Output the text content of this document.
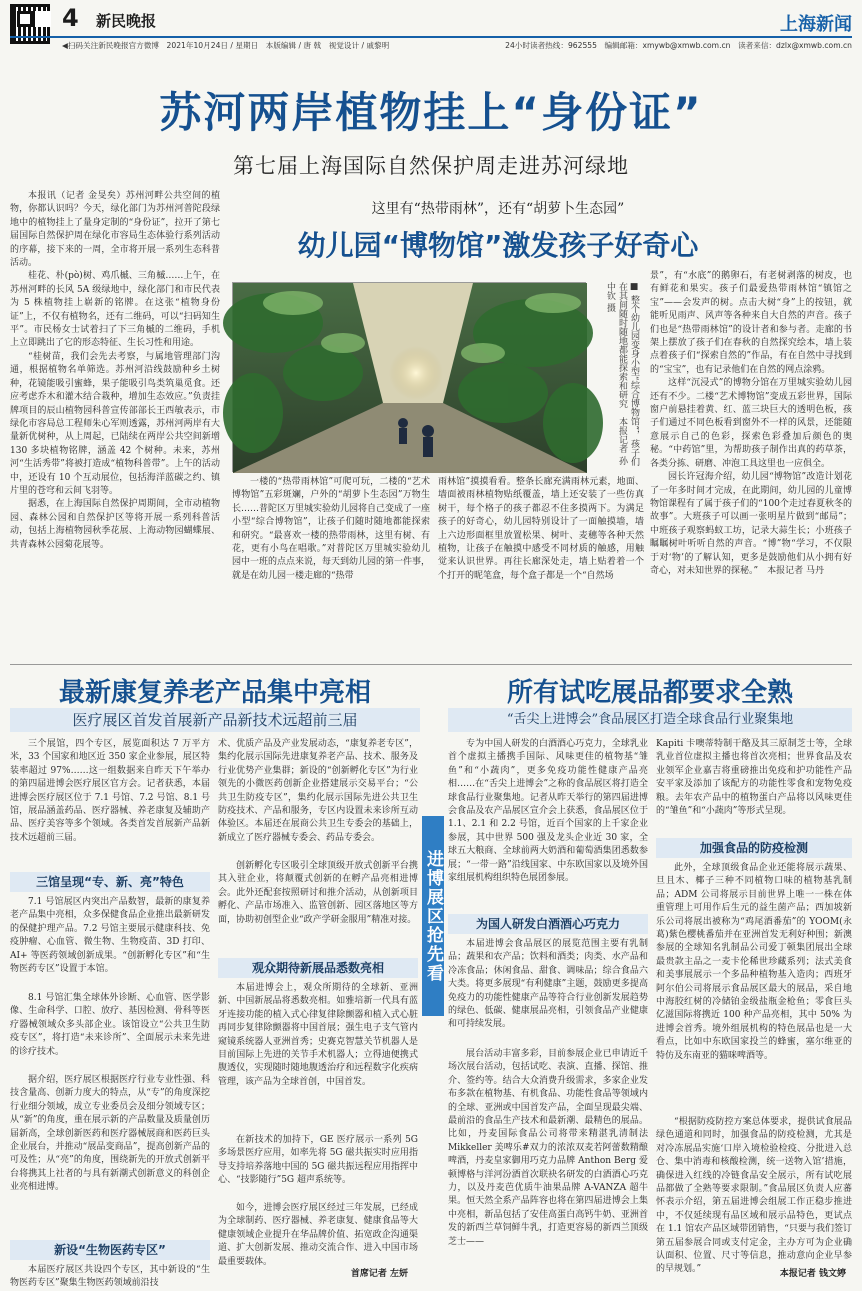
4 新民晚报	上海新闻
◀扫码关注新民晚报官方微博　2021年10月24日 / 星期日　本版编辑 / 唐 戟　视觉设计 / 戚黎明	24小时读者热线：962555　编辑邮箱：xmywb@xmwb.com.cn　读者来信：dzlx@xmwb.com.cn
苏河两岸植物挂上“身份证”
第七届上海国际自然保护周走进苏河绿地

本报讯（记者 金旻矣）苏州河畔公共空间的植物，你都认识吗？今天，绿化部门为苏州河普陀段绿地中的植物挂上了量身定制的“身份证”，拉开了第七届国际自然保护周在绿化市容局生态体验行系列活动的序幕，接下来的一周，全市将开展一系列生态科普活动。

桂花、朴(pò)树、鸡爪槭、三角槭……上午，在苏州河畔的长风 5A 级绿地中，绿化部门和市民代表为 5 株植物挂上崭新的铭牌。在这张“植物身份证”上，不仅有植物名，还有二维码，可以“扫码知生平”。市民杨女士试着扫了下三角槭的二维码，手机上立即跳出了它的形态特征、生长习性和用途。

“桂树苗，我们会先去考察，与属地管理部门沟通，根据植物名单筛选。苏州河沿线鼓励种乡土树种，花镜能吸引蜜蜂，果子能吸引鸟类筑巢觅食。还应考虑乔木和灌木结合栽种，增加生态效应。”负责挂牌项目的辰山植物园科普宣传部部长王西敏表示，市绿化市容局总工程师朱心军则透露，苏州河两岸有大量新优树种，从上周起，已陆续在两岸公共空间新增 130 多块植物铭牌，涵盖 42 个树种。未来，苏州河“生活秀带”将被打造成“植物科普带”。上午的活动中，还设有 10 个互动展位，包括海洋蓝碳之约、镇片里的苍穹和云间飞羽等。

据悉，在上海国际自然保护周期间，全市动植物园、森林公园和自然保护区等将开展一系列科普活动，包括上海植物园秋季花展、上海动物园蝴蝶展、共青森林公园菊花展等。

这里有“热带雨林”，还有“胡萝卜生态园”
幼儿园“博物馆”激发孩子好奇心
■ 整个幼儿园变身小型“综合博物馆”，孩子们在其间随时随地都能探索和研究　本报记者 孙中钦 摄
一楼的“热带雨林馆”可爬可玩，二楼的“艺术博物馆”五彩斑斓，户外的“胡萝卜生态园”万物生长……普陀区万里城实验幼儿园将自己变成了一座小型“综合博物馆”，让孩子们随时随地都能探索和研究。“最喜欢一楼的热带雨林，这里有树、有花，更有小鸟在唱歌。”对普陀区万里城实验幼儿园中一班的点点来说，每天到幼儿园的第一件事，就是在幼儿园一楼走廊的“热带
雨林馆”摸摸看看。整条长廊充满雨林元素，地面、墙面被雨林植物贴纸覆盖，墙上还安装了一些仿真树干，每个格子的孩子都忍不住多摸两下。为满足孩子的好奇心，幼儿园特别设计了一面触摸墙，墙上六边形面框里放置松果、树叶、麦穗等各种天然植物，让孩子在触摸中感受不同材质的触感，用触觉来认识世界。再往长廊深处走，墙上贴着着一个个打开的昵笔盒，每个盒子都是一个“自然场

景”，有“水底”的鹅卵石，有老树剥落的树皮，也有鲜花和果实。孩子们最爱热带雨林馆“镇馆之宝”——会发声的树。点击大树“身”上的按钮，就能听见雨声、风声等各种来自大自然的声音。孩子们也是“热带雨林馆”的设计者和参与者。走廊的书架上摆放了孩子们在春秋的自然探究绘本，墙上装点着孩子们“探索自然的”作品，有在自然中寻找到的“宝宝”，也有记录他们在自然的网点涂鸦。

这样“沉浸式”的博物分馆在万里城实验幼儿园还有不少。二楼“艺术博物馆”变成五彩世界，国际窗户前悬挂着黄、红、蓝三块巨大的透明色板，孩子们通过不同色板看到窗外不一样的风景，还能随意展示自己的色彩，探索色彩叠加后颜色的奥秘。“中药馆”里，为帮助孩子制作出真的药草茶，各类分拣、研磨、冲泡工具这里也一应俱全。

园长许冠海介绍，幼儿园“博物馆”改造计划花了一年多时间才完成，在此期间，幼儿园的儿童博物馆课程有了属于孩子们的“100个走过春夏秋冬的故事”。大班孩子可以画一张明星片做到“邮局”；中班孩子观察蚂蚁工坊，记录大蒜生长；小班孩子瞩瞩树叶听听自然的声音。“博”物“学习，不仅限于对‘物’的了解认知，更多是鼓励他们从小拥有好奇心，对未知世界的探秘。”　本报记者 马丹

最新康复养老产品集中亮相
医疗展区首发首展新产品新技术远超前三届
三个展馆，四个专区，展览面积达 7 万平方米，33 个国家和地区近 350 家企业参展，展区特装率超过 97%……这一组数据来自昨天下午举办的第四届进博会医疗展区官方会。记者获悉，本届进博会医疗展区位于 7.1 号馆、7.2 号馆、8.1 号馆，展品涵盖药品、医疗器械、养老康复及辅助产品、医疗美容等多个领域。各类首发首展新产品新技术远超前三届。
三馆呈现“专、新、亮”特色
7.1 号馆展区内突出产品数智，最新的康复养老产品集中亮相，众多保健食品企业推出最新研发的保健护理产品。7.2 号馆主要展示健康科技、免疫肿瘤、心血管、微生物、生物疫苗、3D 打印、AI+ 等医药领域创新成果。“创新孵化专区”和“生物医药专区”设置于本馆。
8.1 号馆汇集全球体外诊断、心血管、医学影像、生命科学、口腔、放疗、基因检测、骨科等医疗器械领域众多头部企业。该馆设立“公共卫生防疫专区”，将打造“未来诊所”、全面展示未来先进的诊疗技术。
据介绍，医疗展区根据医疗行业专业性强、科技含量高、创新力度大的特点，从“专”的角度深挖行业细分领域，成立专业委员会及细分领域专区；从“新”的角度，重在展示新的产品数量及质量创历届新高，全球创新医药和医疗器械展商和医药巨头企业展台，并推动“展品变商品”，提高创新产品的可及性；从“亮”的角度，围绕新先的开放式创新平台将携其上社者的与具有新潮式创新意义的科创企业亮相进博。
新设“生物医药专区”
本届医疗展区共设四个专区，其中新设的“生物医药专区”聚集生物医药领域前沿技
术、优质产品及产业发展动态，“康复养老专区”，集约化展示国际先进康复养老产品、技术、服务及行业优势产业集群；新设的“创新孵化专区”为行业领先的小微医药创新企业搭建展示交易平台；“公共卫生防疫专区”，集约化展示国际先进公共卫生防疫技术、产品和服务，专区内设置未来诊所互动体验区。本届还在展商公共卫生专委会的基础上，新成立了医疗器械专委会、药品专委会。
创新孵化专区吸引全球顶级开放式创新平台携其入驻企业，将颠覆式创新的在孵产品亮相进博会。此外还配套按照研讨和推介活动，从创新项目孵化、产品市场准入、监管创新、园区落地区等方面，协助初创型企业“政产学研金服用”精准对接。
观众期待新展品悉数亮相
本届进博会上，观众所期待的全球新、亚洲新、中国新展品将悉数亮相。如雅培新一代具有蓝牙连接功能的植入式心律复律除颤器和植入式心脏再同步复律除颤器将中国首展；强生电子支气管内窥镜系统器人亚洲首秀；史赛克智慧关节机器人是目前国际上先进的关节手术机器人；立得迪便携式腹透仪，实现随时随地腹透治疗和远程数字化疾病管理，该产品为全球首创，中国首发。
在新技术的加持下，GE 医疗展示一系列 5G 多场景医疗应用，如率先将 5G 磁共振实时应用指导支持培养落地中国的 5G 磁共振远程应用指挥中心、“技影随行”5G 超声系统等。
如今，进博会医疗展区经过三年发展，已经成为全球制药、医疗器械、养老康复、健康食品等大健康领域企业提升在华品牌价值、拓宽政企沟通渠道、扩大创新发展、推动交流合作、进入中国市场最重要载体。
首席记者 左妍
进博展区抢先看
所有试吃展品都要求全熟
“舌尖上进博会”食品展区打造全球食品行业聚集地
专为中国人研发的白酒酒心巧克力，全球乳业首个虚拟主播携手国际、风味更佳的植物基“雏鱼”和“小蔬肉”，更多免疫功能性健康产品亮相……在“舌尖上进博会”之称的食品展区将打造全球食品行业聚集地。记者从昨天举行的第四届进博会食品及农产品展区宣介会上获悉，食品展区位于 1.1、2.1 和 2.2 号馆，近百个国家的上千家企业参展，其中世界 500 强及龙头企业近 30 家，全球五大粮商、全球前两大奶酒和葡萄酒集团悉数参展；“一带一路”沿线国家、中东欧国家以及境外国家组展机构组织特色展团参展。
为国人研发白酒酒心巧克力
本届进博会食品展区的展览范围主要有乳制品；蔬果和农产品；饮料和酒类；肉类、水产品和冷冻食品；休闲食品、甜食、调味品；综合食品六大类。将更多展现“有利健康”主题，鼓励更多提高免疫力的功能性健康产品等符合行业创新发展趋势的绿色、低碳、健康展品亮相，引领食品产业健康和可持续发展。
展台活动丰富多彩，目前参展企业已申请近千场次展台活动，包括试吃、表演、直播、探馆、推介、签约等。结合大众消费升级需求，多家企业发布多款在植物基、有机食品、功能性食品等领域内的全球、亚洲或中国首发产品，全面呈现最尖端、最前沿的食品生产技术和最新潮、最精色的展品。比如，丹麦国际食品公司将带来精湛乳清制法 Mikkeller 美啤乐#双力的浓浓双麦若阿蕾数精酿啤酒，丹麦皇家御用巧克力品牌 Anthon Berg 爱顿博格与洋河汾酒首次联袂名研发的白酒酒心巧克力，以及丹麦芭优质牛油果品牌 A-VANZA 超牛果。恒天然全系产品阵容也将在第四届进博会上集中亮相，新品包括了安佳高蛋白高钙牛奶、亚洲首发的新西兰草饲鲜牛乳，打造更容易的新西兰顶级芝士——
Kapiti 卡噢蒂特制干酪及其三原制芝士等，全球乳业首位虚拟主播也将首次亮相；世界食品及农业领军企业嘉吉将重磅推出免疫和护功能性产品安平家及添加了该配方的功能性零食和宠物免疫粮。去年农产品中的植物蛋白产品将以风味更佳的“雏鱼”和“小蔬肉”等形式呈现。
加强食品的防疫检测
此外，全球顶级食品企业还能将展示蔬果、旦且木、椰子三种不同植物口味的植物基乳制品；ADM 公司将展示目前世界上唯一一株在体重管理上可用作后生元的益生菌产品；西加坡新乐公司将展出被称为“鸡尾酒番茄”的 YOOM(永葛)紫色樱桃番茄并在亚洲首发无利好种围；新澳参展的全球知名乳制品公司爱丁顿集团展出全球最贵款主品之一麦卡伦稀世珍藏系列；法式美食和美事展展示一个多品种植物基入造肉；西班牙阿尔伯公司将展示食品展区最大的展品，采自地中海胶红树的冷储铂金级盐瓶金枪鱼；零食巨头亿滋国际将携近 100 种产品亮相，其中 50% 为进博会首秀。境外组展机构的特色展品也是一大看点，比如中东欧国家投兰的蜂蜜，塞尔维亚的特仿及东南亚的猫咪啤酒等。
“根据防疫防控方案总体要求，提供试食展品绿色通道和同时，加强食品的防疫检测，尤其是对冷冻展品实施‘口岸入境检验检疫、分批进入总仓、集中消毒和核酸检测，统一送物入馆’措施，确保进入红线的冷链食品安全展示，所有试吃展品都做了全熟等要求限制。”食品展区负责人应蕃怀表示介绍，第五届进博会组展工作正稳步推进中，不仅延续现有品区域和展示品特色，更试点在 1.1 馆农产品区域带团销售，“只要与我们签订第五届参展合同或支付定金，主办方可为企业确认面积、位置、尺寸等信息，推动意向企业早参的早规划。”	本报记者 钱文婷
